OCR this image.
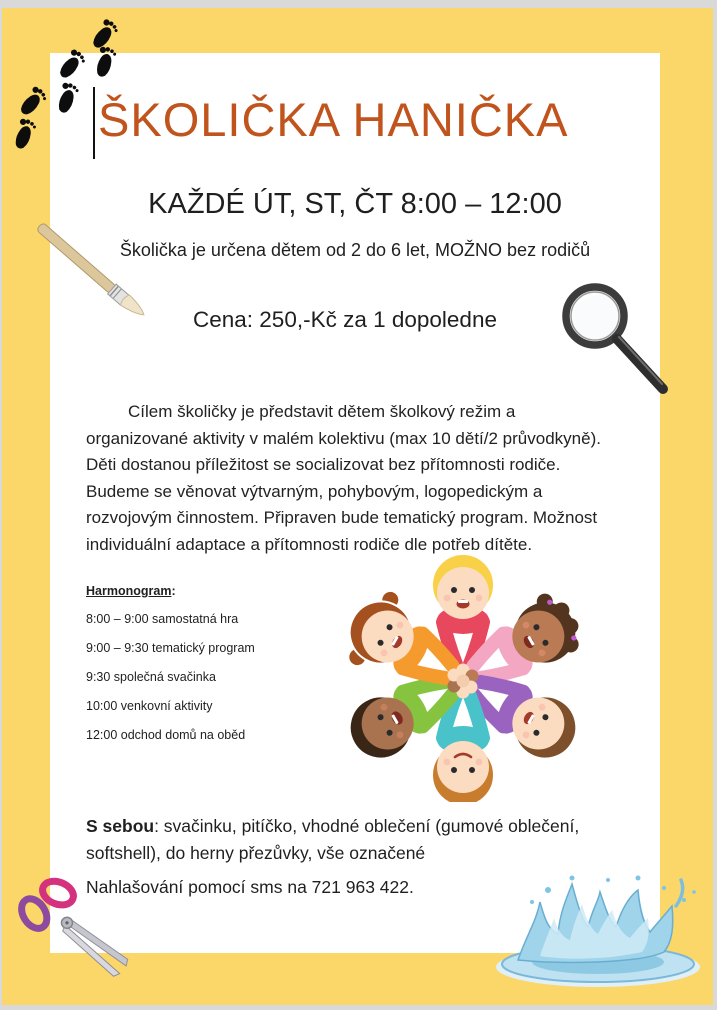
ŠKOLIČKA HANIČKA
KAŽDÉ ÚT, ST, ČT 8:00 – 12:00
Školička je určena dětem od 2 do 6 let, MOŽNO bez rodičů
Cena: 250,-Kč za 1 dopoledne
Cílem školičky je představit dětem školkový režim a
organizované aktivity v malém kolektivu (max 10 dětí/2 průvodkyně).
Děti dostanou příležitost se socializovat bez přítomnosti rodiče.
Budeme se věnovat výtvarným, pohybovým, logopedickým a
rozvojovým činnostem. Připraven bude tematický program. Možnost
individuální adaptace a přítomnosti rodiče dle potřeb dítěte.
Harmonogram:
8:00 – 9:00 samostatná hra
9:00 – 9:30 tematický program
9:30 společná svačinka
10:00 venkovní aktivity
12:00 odchod domů na oběd
S sebou: svačinku, pitíčko, vhodné oblečení (gumové oblečení,
softshell), do herny přezůvky, vše označené
Nahlašování pomocí sms na 721 963 422.
